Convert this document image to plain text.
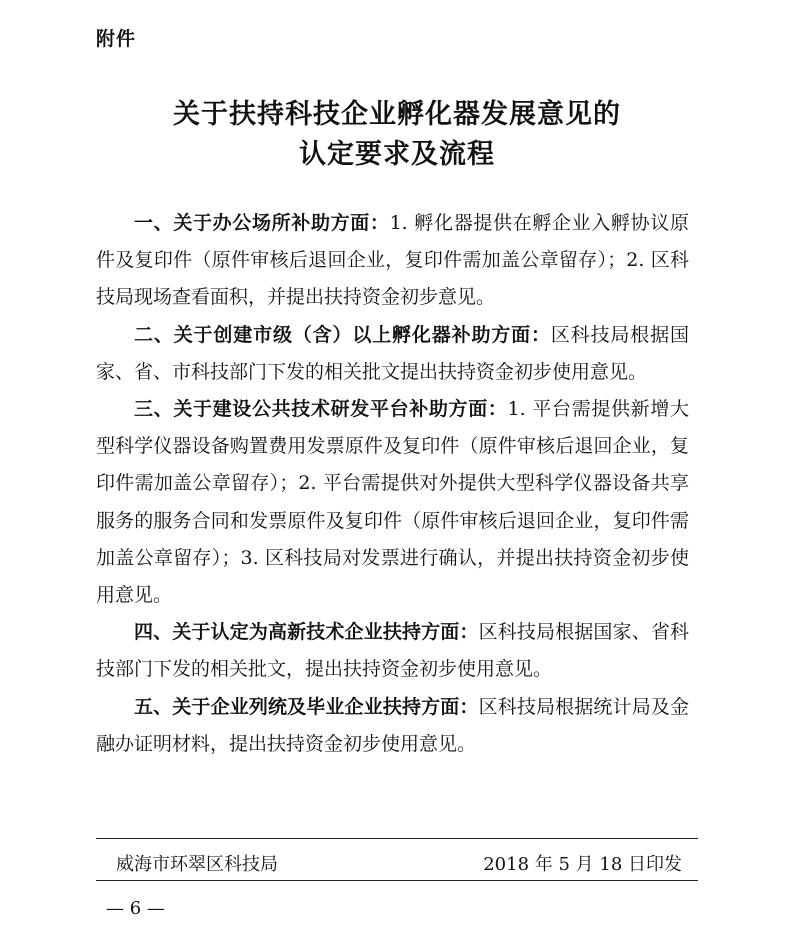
附件
关于扶持科技企业孵化器发展意见的
认定要求及流程

一、关于办公场所补助方面：1. 孵化器提供在孵企业入孵协议原件及复印件（原件审核后退回企业，复印件需加盖公章留存）；2. 区科技局现场查看面积，并提出扶持资金初步意见。

二、关于创建市级（含）以上孵化器补助方面：区科技局根据国家、省、市科技部门下发的相关批文提出扶持资金初步使用意见。

三、关于建设公共技术研发平台补助方面：1. 平台需提供新增大型科学仪器设备购置费用发票原件及复印件（原件审核后退回企业，复印件需加盖公章留存）；2. 平台需提供对外提供大型科学仪器设备共享服务的服务合同和发票原件及复印件（原件审核后退回企业，复印件需加盖公章留存）；3. 区科技局对发票进行确认，并提出扶持资金初步使用意见。

四、关于认定为高新技术企业扶持方面：区科技局根据国家、省科技部门下发的相关批文，提出扶持资金初步使用意见。

五、关于企业列统及毕业企业扶持方面：区科技局根据统计局及金融办证明材料，提出扶持资金初步使用意见。

威海市环翠区科技局	2018 年 5 月 18 日印发
— 6 —
